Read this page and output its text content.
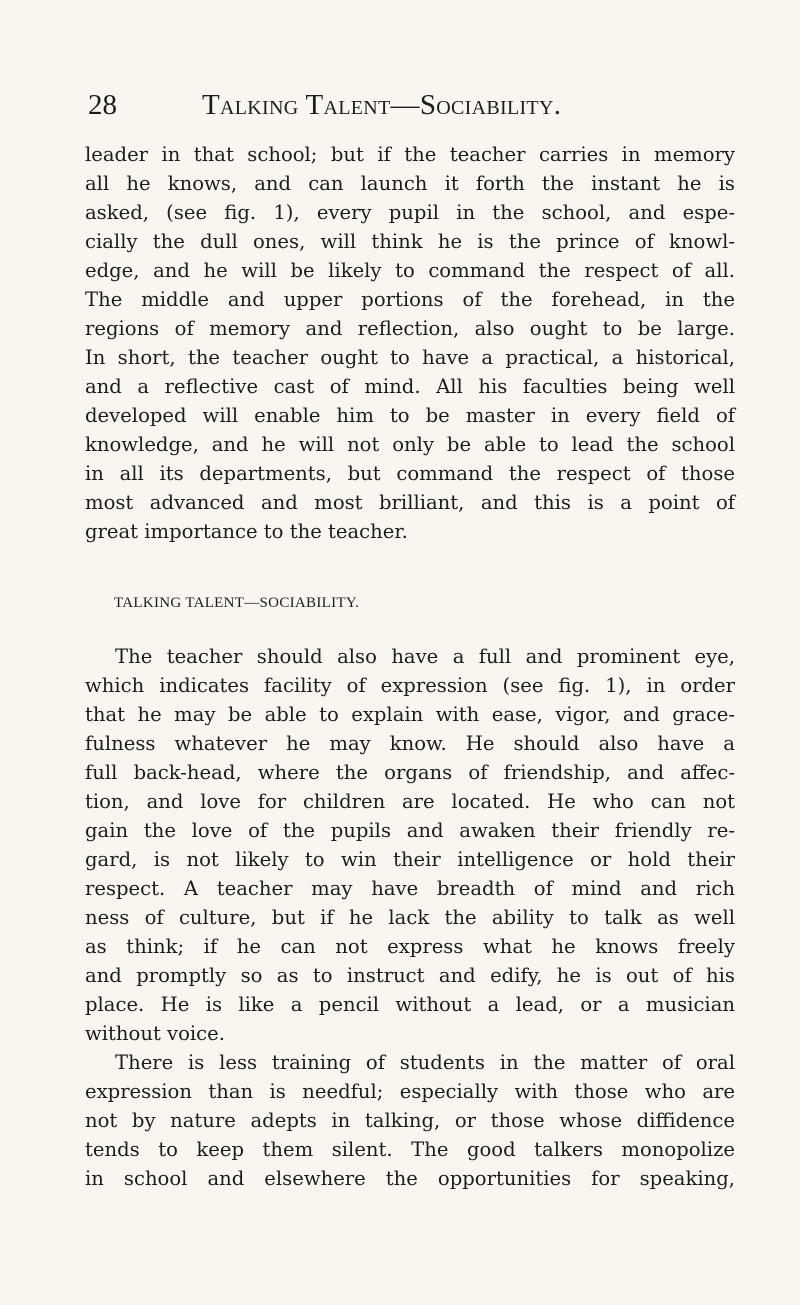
28	Talking Talent—Sociability.
leader in that school; but if the teacher carries in memory
all he knows, and can launch it forth the instant he is
asked, (see fig. 1), every pupil in the school, and espe-
cially the dull ones, will think he is the prince of knowl-
edge, and he will be likely to command the respect of all.
The middle and upper portions of the forehead, in the
regions of memory and reflection, also ought to be large.
In short, the teacher ought to have a practical, a historical,
and a reflective cast of mind. All his faculties being well
developed will enable him to be master in every field of
knowledge, and he will not only be able to lead the school
in all its departments, but command the respect of those
most advanced and most brilliant, and this is a point of
great importance to the teacher.
TALKING TALENT—SOCIABILITY.
The teacher should also have a full and prominent eye,
which indicates facility of expression (see fig. 1), in order
that he may be able to explain with ease, vigor, and grace-
fulness whatever he may know. He should also have a
full back-head, where the organs of friendship, and affec-
tion, and love for children are located. He who can not
gain the love of the pupils and awaken their friendly re-
gard, is not likely to win their intelligence or hold their
respect. A teacher may have breadth of mind and rich
ness of culture, but if he lack the ability to talk as well
as think; if he can not express what he knows freely
and promptly so as to instruct and edify, he is out of his
place. He is like a pencil without a lead, or a musician
without voice.
There is less training of students in the matter of oral
expression than is needful; especially with those who are
not by nature adepts in talking, or those whose diffidence
tends to keep them silent. The good talkers monopolize
in school and elsewhere the opportunities for speaking,
